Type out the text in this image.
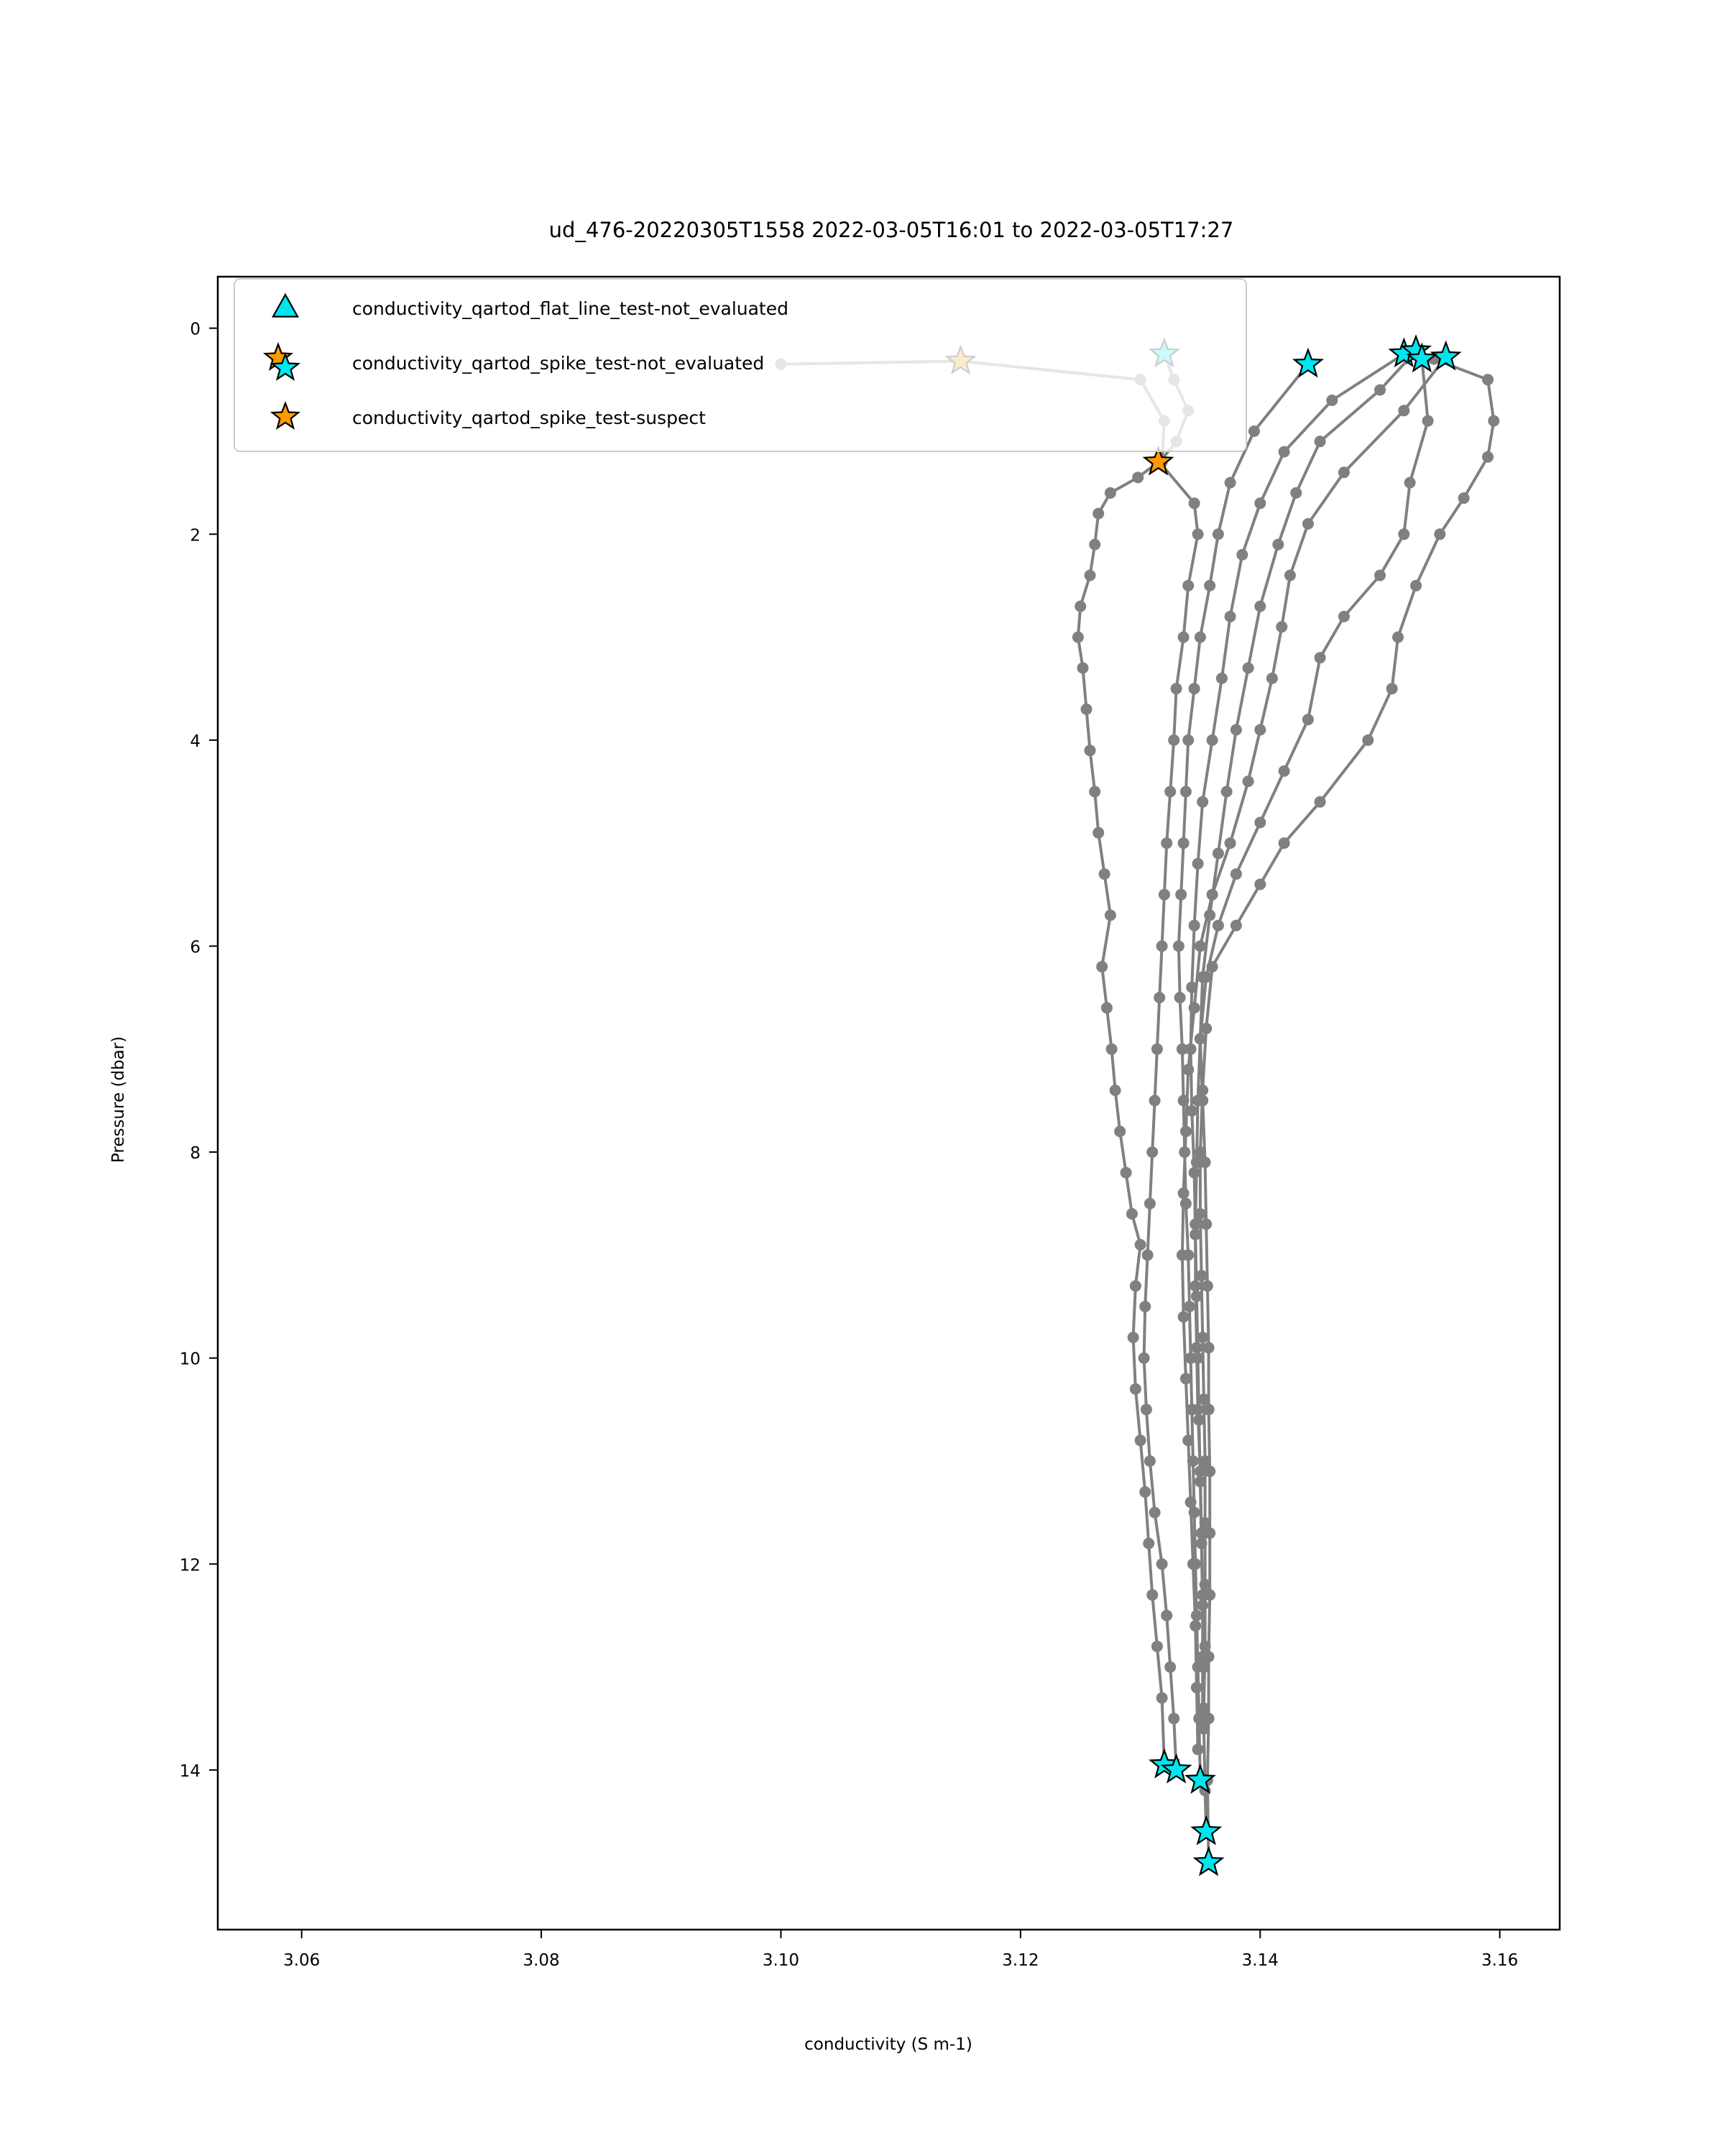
ud_476-20220305T1558 2022-03-05T16:01 to 2022-03-05T17:27
3.06	3.08	3.10	3.12	3.14	3.16
0
2
4
6
8
10
12
14
conductivity (S m-1)
Pressure (dbar)
conductivity_qartod_flat_line_test-not_evaluated
conductivity_qartod_spike_test-not_evaluated
conductivity_qartod_spike_test-suspect
